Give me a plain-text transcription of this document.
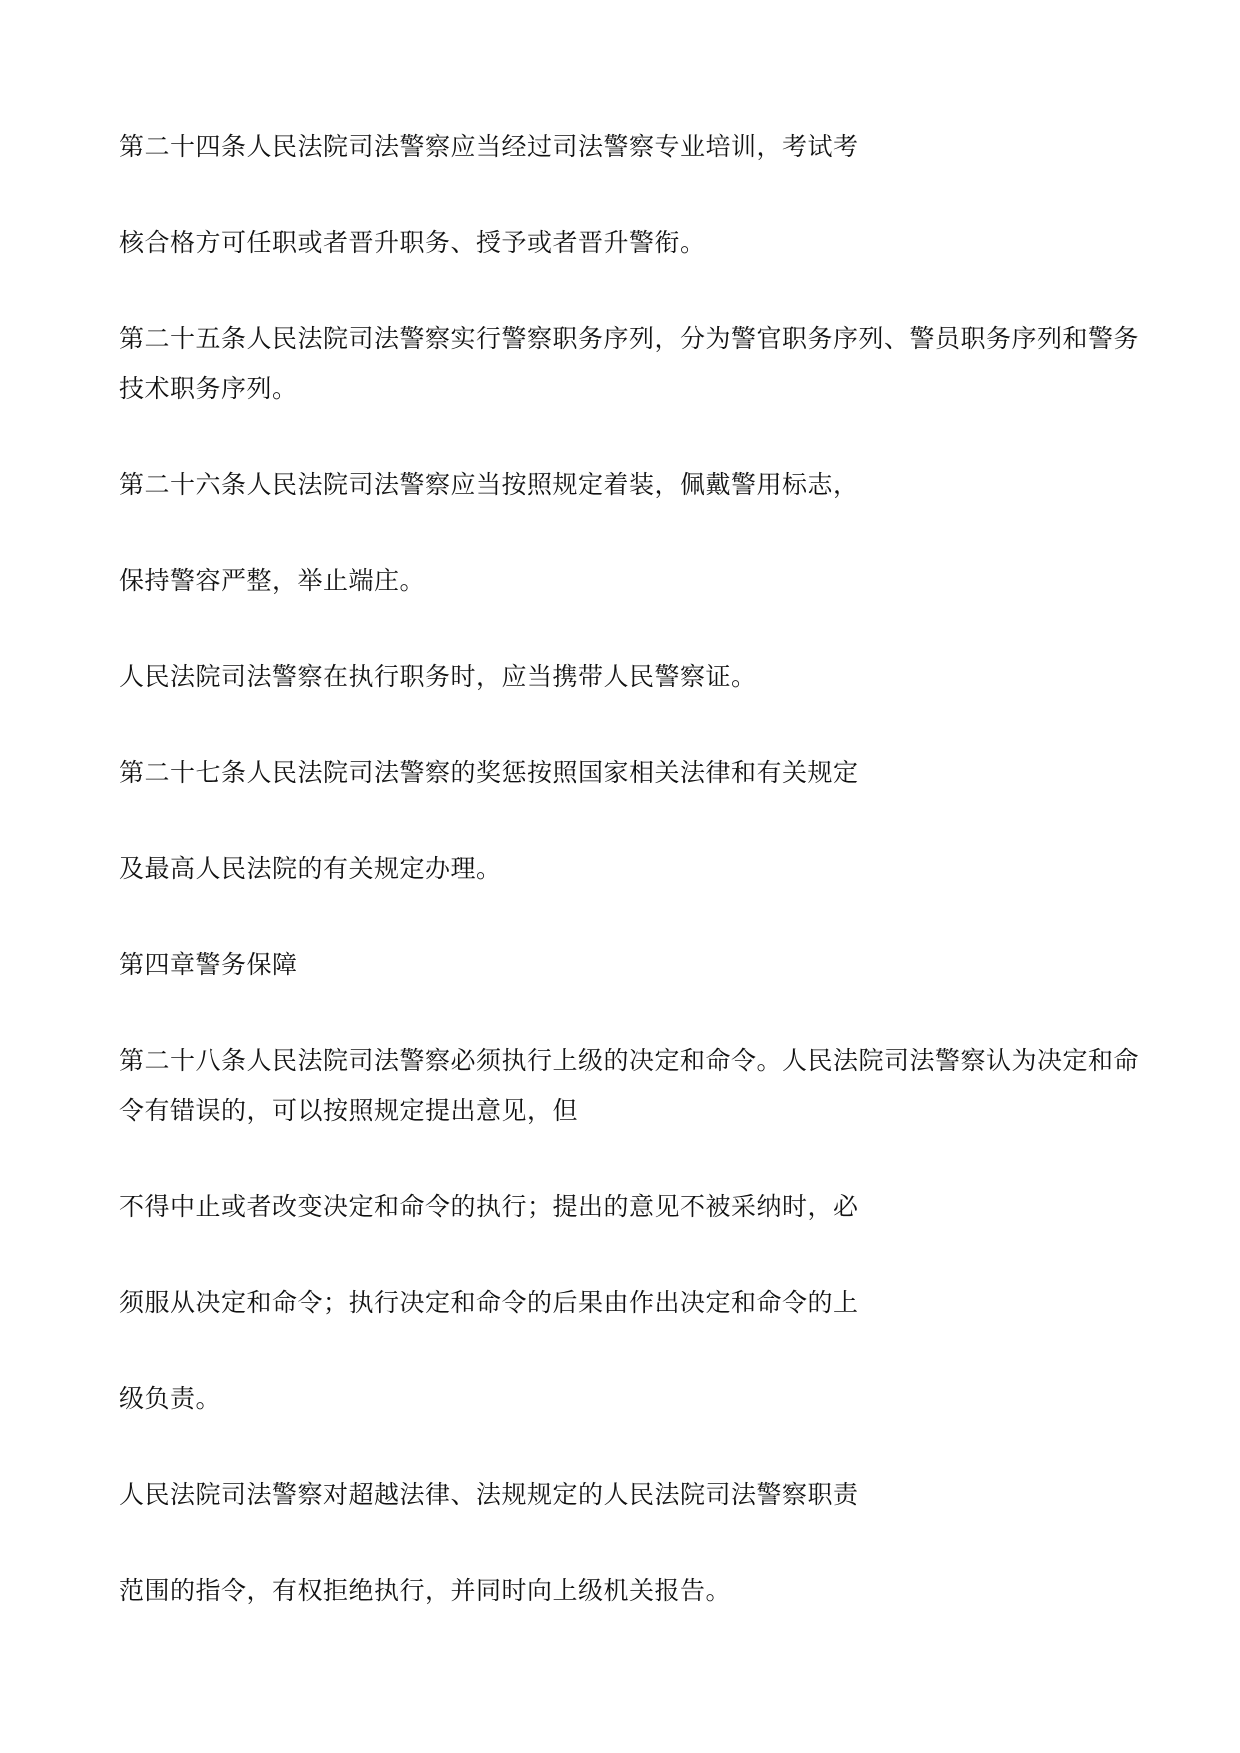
第二十四条人民法院司法警察应当经过司法警察专业培训，考试考

核合格方可任职或者晋升职务、授予或者晋升警衔。

第二十五条人民法院司法警察实行警察职务序列，分为警官职务序列、警员职务序列和警务

技术职务序列。

第二十六条人民法院司法警察应当按照规定着装，佩戴警用标志，

保持警容严整，举止端庄。

人民法院司法警察在执行职务时，应当携带人民警察证。

第二十七条人民法院司法警察的奖惩按照国家相关法律和有关规定

及最高人民法院的有关规定办理。

第四章警务保障

第二十八条人民法院司法警察必须执行上级的决定和命令。人民法院司法警察认为决定和命

令有错误的，可以按照规定提出意见，但

不得中止或者改变决定和命令的执行；提出的意见不被采纳时，必

须服从决定和命令；执行决定和命令的后果由作出决定和命令的上

级负责。

人民法院司法警察对超越法律、法规规定的人民法院司法警察职责

范围的指令，有权拒绝执行，并同时向上级机关报告。
